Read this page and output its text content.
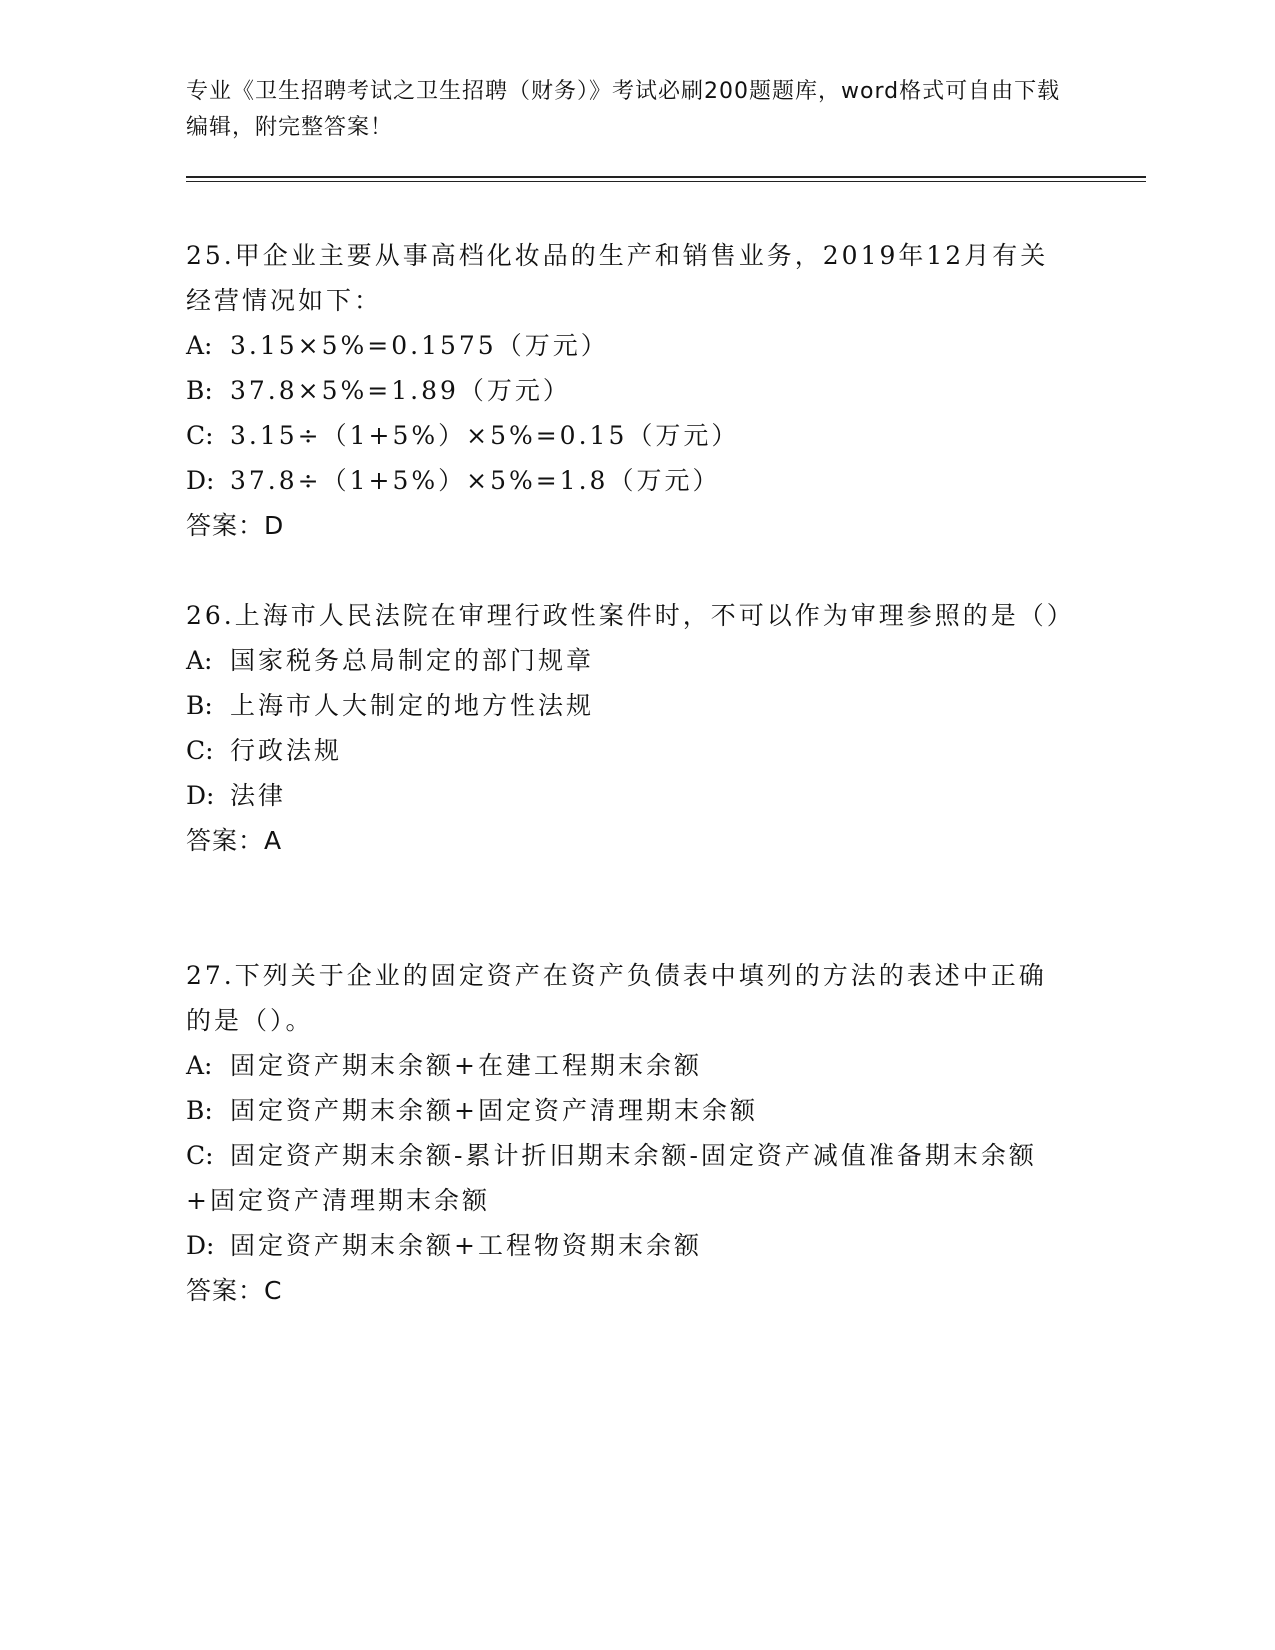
专业《卫生招聘考试之卫生招聘（财务）》考试必刷200题题库，word格式可自由下载编辑，附完整答案！
25.甲企业主要从事高档化妆品的生产和销售业务，2019年12月有关经营情况如下：
A: 3.15×5%=0.1575（万元）
B: 37.8×5%=1.89（万元）
C: 3.15÷（1+5%）×5%=0.15（万元）
D: 37.8÷（1+5%）×5%=1.8（万元）
答案：D
26.上海市人民法院在审理行政性案件时，不可以作为审理参照的是（）
A: 国家税务总局制定的部门规章
B: 上海市人大制定的地方性法规
C: 行政法规
D: 法律
答案：A
27.下列关于企业的固定资产在资产负债表中填列的方法的表述中正确的是（）。
A: 固定资产期末余额+在建工程期末余额
B: 固定资产期末余额+固定资产清理期末余额
C: 固定资产期末余额-累计折旧期末余额-固定资产减值准备期末余额+固定资产清理期末余额
D: 固定资产期末余额+工程物资期末余额
答案：C
